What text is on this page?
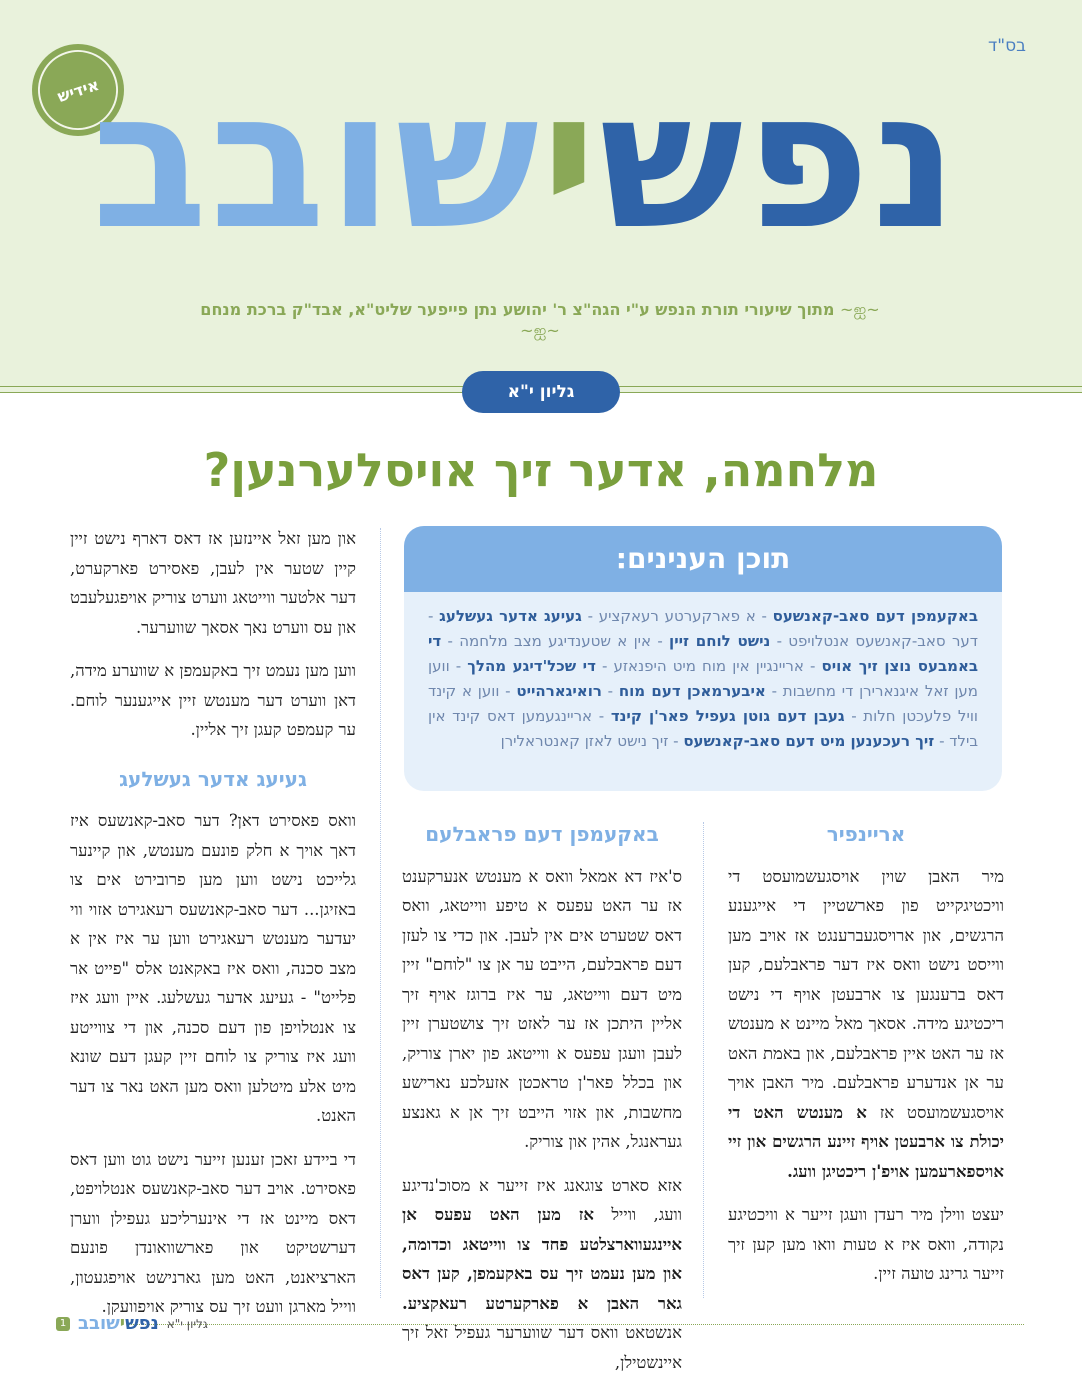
בס"ד
אידיש	נפשישובב
~ஐ~ מתוך שיעורי תורת הנפש ע"י הגה"צ ר' יהושע נתן פייפער שליט"א, אבד"ק ברכת מנחם ~ஐ~
גליון י"א
מלחמה, אדער זיך אויסלערנען?
תוכן הענינים:
באקעמפן דעם סאב-קאנשעס - א פארקערטע רעאקציע - געיעג אדער געשלעג - דער סאב-קאנשעס אנטלויפט - נישט לוחם זיין - אין א שטענדיגע מצב מלחמה - די באמבעס נוצן זיך אויס - אריינגיין אין מוח מיט היפנאזע - די שכל'דיגע מהלך - ווען מען זאל איגנארירן די מחשבות - איבערמאכן דעם מוח - רואיגארהייט - ווען א קינד וויל פלעכטן חלות - געבן דעם גוטן געפיל פאר'ן קינד - אריינגעמען דאס קינד אין בילד - זיך רעכענען מיט דעם סאב-קאנשעס - זיך נישט לאזן קאנטראלירן

און מען זאל איינזען אז דאס דארף נישט זיין קיין שטער אין לעבן, פאסירט פארקערט, דער אלטער ווייטאג ווערט צוריק אויפגעלעבט און עס ווערט נאך אסאך שווערער.

ווען מען נעמט זיך באקעמפן א שווערע מידה, דאן ווערט דער מענטש זיין אייגענער לוחם. ער קעמפט קעגן זיך אליין.

געיעג אדער געשלעג

וואס פאסירט דאן? דער סאב-קאנשעס איז דאך אויך א חלק פונעם מענטש, און קיינער גלייכט נישט ווען מען פרובירט אים צו באזיגן... דער סאב-קאנשעס רעאגירט אזוי ווי יעדער מענטש רעאגירט ווען ער איז אין א מצב סכנה, וואס איז באקאנט אלס "פייט אר פלייט" - געיעג אדער געשלעג. איין וועג איז צו אנטלויפן פון דעם סכנה, און די צווייטע וועג איז צוריק צו לוחם זיין קעגן דעם שונא מיט אלע מיטלען וואס מען האט נאר צו דער האנט.

די ביידע זאכן זענען זייער נישט גוט ווען דאס פאסירט. אויב דער סאב-קאנשעס אנטלויפט, דאס מיינט אז די אינערליכע געפילן ווערן דערשטיקט און פארשוואונדן פונעם הארציאנט, האט מען גארנישט אויפגעטון, ווייל מארגן וועט זיך עס צוריק אויפוועקן.

באקעמפן דעם פראבלעם

ס'איז דא אמאל וואס א מענטש אנערקענט אז ער האט עפעס א טיפע ווייטאג, וואס דאס שטערט אים אין לעבן. און כדי צו לעזן דעם פראבלעם, הייבט ער אן צו "לוחם" זיין מיט דעם ווייטאג, ער איז ברוגז אויף זיך אליין היתכן אז ער לאזט זיך צושטערן זיין לעבן וועגן עפעס א ווייטאג פון יארן צוריק, און בכלל פאר'ן טראכטן אזעלכע נארישע מחשבות, און אזוי הייבט זיך אן א גאנצע געראנגל, אהין און צוריק.

אזא סארט צוגאנג איז זייער א מסוכ'נדיגע וועג, ווייל אז מען האט עפעס אן איינגעווארצלטע פחד צו ווייטאג וכדומה, און מען נעמט זיך עס באקעמפן, קען דאס גאר האבן א פארקערטע רעאקציע. אנשטאט וואס דער שווערער געפיל זאל זיך איינשטילן,

אריינפיר

מיר האבן שוין אויסגעשמועסט די וויכטיגקייט פון פארשטיין די אייגענע הרגשים, און ארויסגעברענגט אז אויב מען ווייסט נישט וואס איז דער פראבלעם, קען דאס ברענגען צו ארבעטן אויף די נישט ריכטיגע מידה. אסאך מאל מיינט א מענטש אז ער האט איין פראבלעם, און באמת האט ער אן אנדערע פראבלעם. מיר האבן אויך אויסגעשמועסט אז א מענטש האט די יכולת צו ארבעטן אויף זיינע הרגשים און זיי אויספארעמען אויפ'ן ריכטיגן וועג.

יעצט ווילן מיר רעדן וועגן זייער א וויכטיגע נקודה, וואס איז א טעות וואו מען קען זיך זייער גרינג טועה זיין.

גליון י"א
נפשישובב
1
